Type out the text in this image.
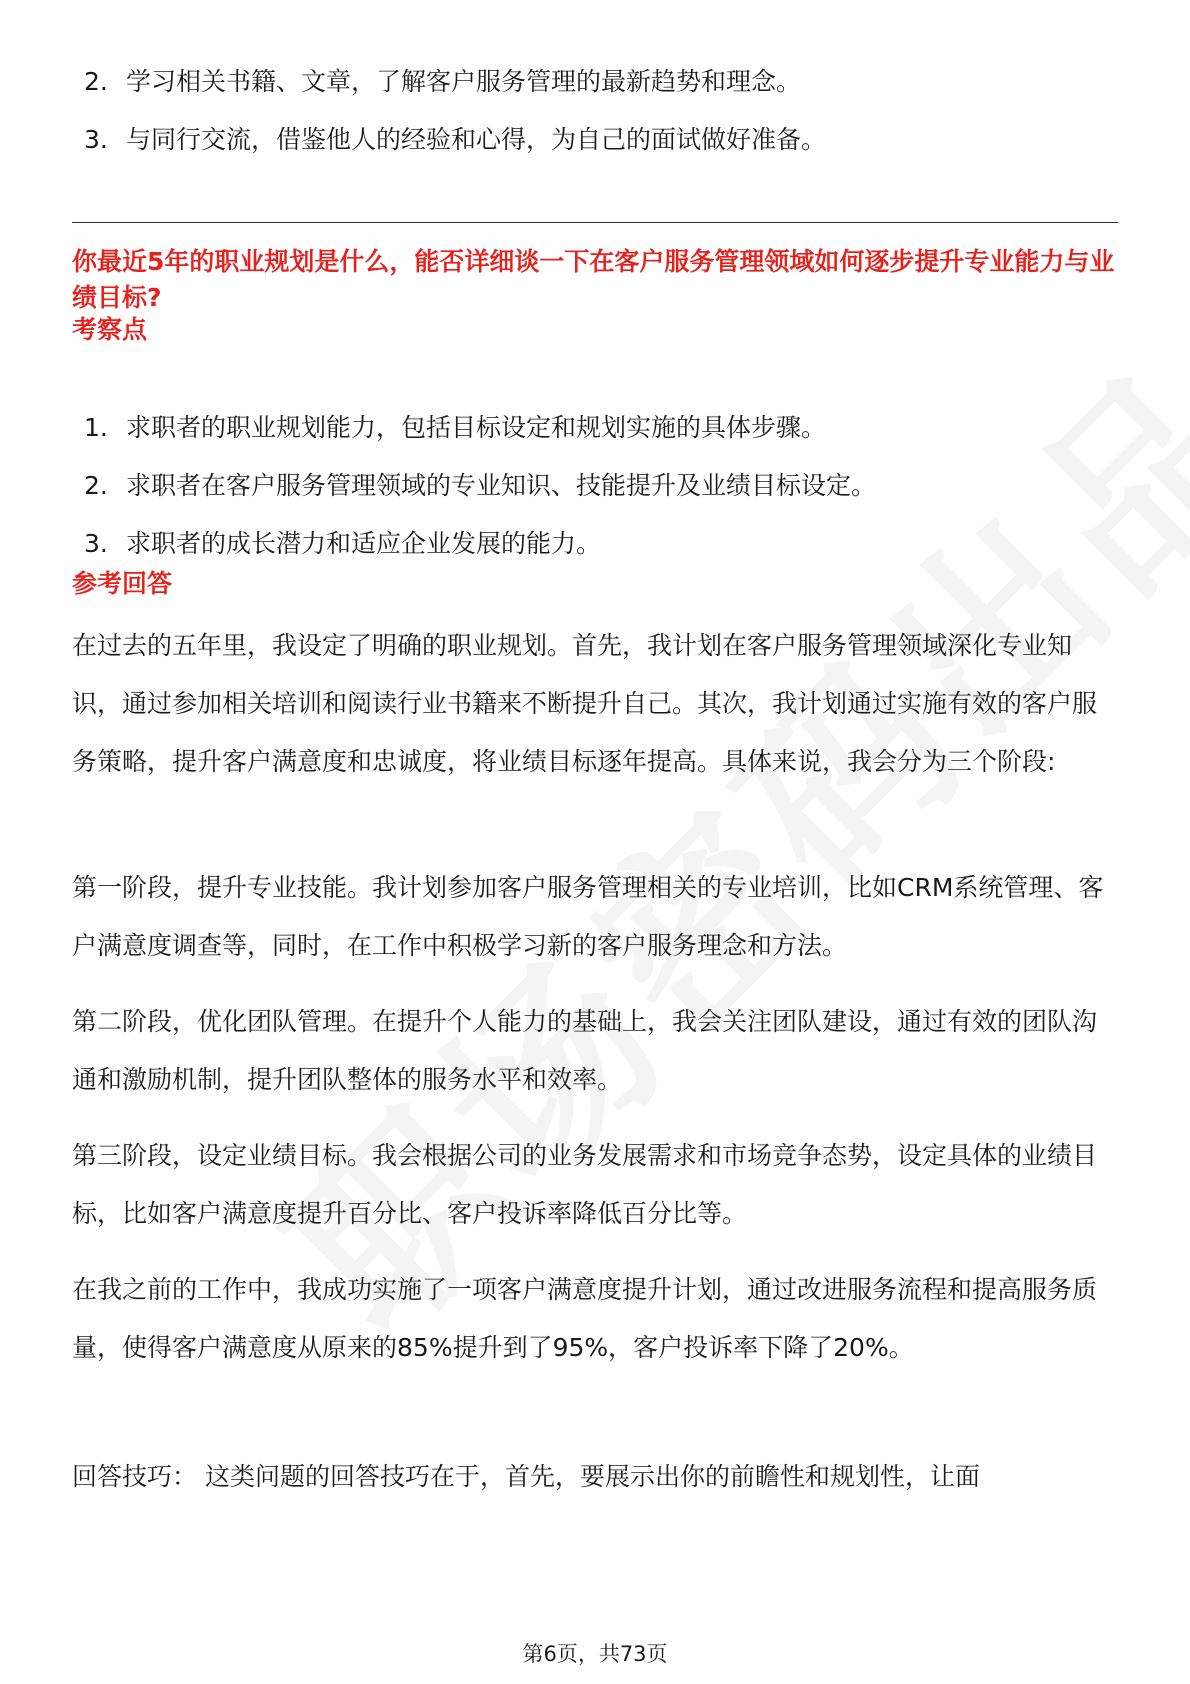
2. 学习相关书籍、文章，了解客户服务管理的最新趋势和理念。
3. 与同行交流，借鉴他人的经验和心得，为自己的面试做好准备。
你最近5年的职业规划是什么，能否详细谈一下在客户服务管理领域如何逐步提升专业能力与业绩目标?
考察点
1. 求职者的职业规划能力，包括目标设定和规划实施的具体步骤。
2. 求职者在客户服务管理领域的专业知识、技能提升及业绩目标设定。
3. 求职者的成长潜力和适应企业发展的能力。
参考回答

在过去的五年里，我设定了明确的职业规划。首先，我计划在客户服务管理领域深化专业知识，通过参加相关培训和阅读行业书籍来不断提升自己。其次，我计划通过实施有效的客户服务策略，提升客户满意度和忠诚度，将业绩目标逐年提高。具体来说，我会分为三个阶段:

第一阶段，提升专业技能。我计划参加客户服务管理相关的专业培训，比如CRM系统管理、客户满意度调查等，同时，在工作中积极学习新的客户服务理念和方法。

第二阶段，优化团队管理。在提升个人能力的基础上，我会关注团队建设，通过有效的团队沟通和激励机制，提升团队整体的服务水平和效率。

第三阶段，设定业绩目标。我会根据公司的业务发展需求和市场竞争态势，设定具体的业绩目标，比如客户满意度提升百分比、客户投诉率降低百分比等。

在我之前的工作中，我成功实施了一项客户满意度提升计划，通过改进服务流程和提高服务质量，使得客户满意度从原来的85%提升到了95%，客户投诉率下降了20%。

回答技巧： 这类问题的回答技巧在于，首先，要展示出你的前瞻性和规划性，让面

第6页，共73页
